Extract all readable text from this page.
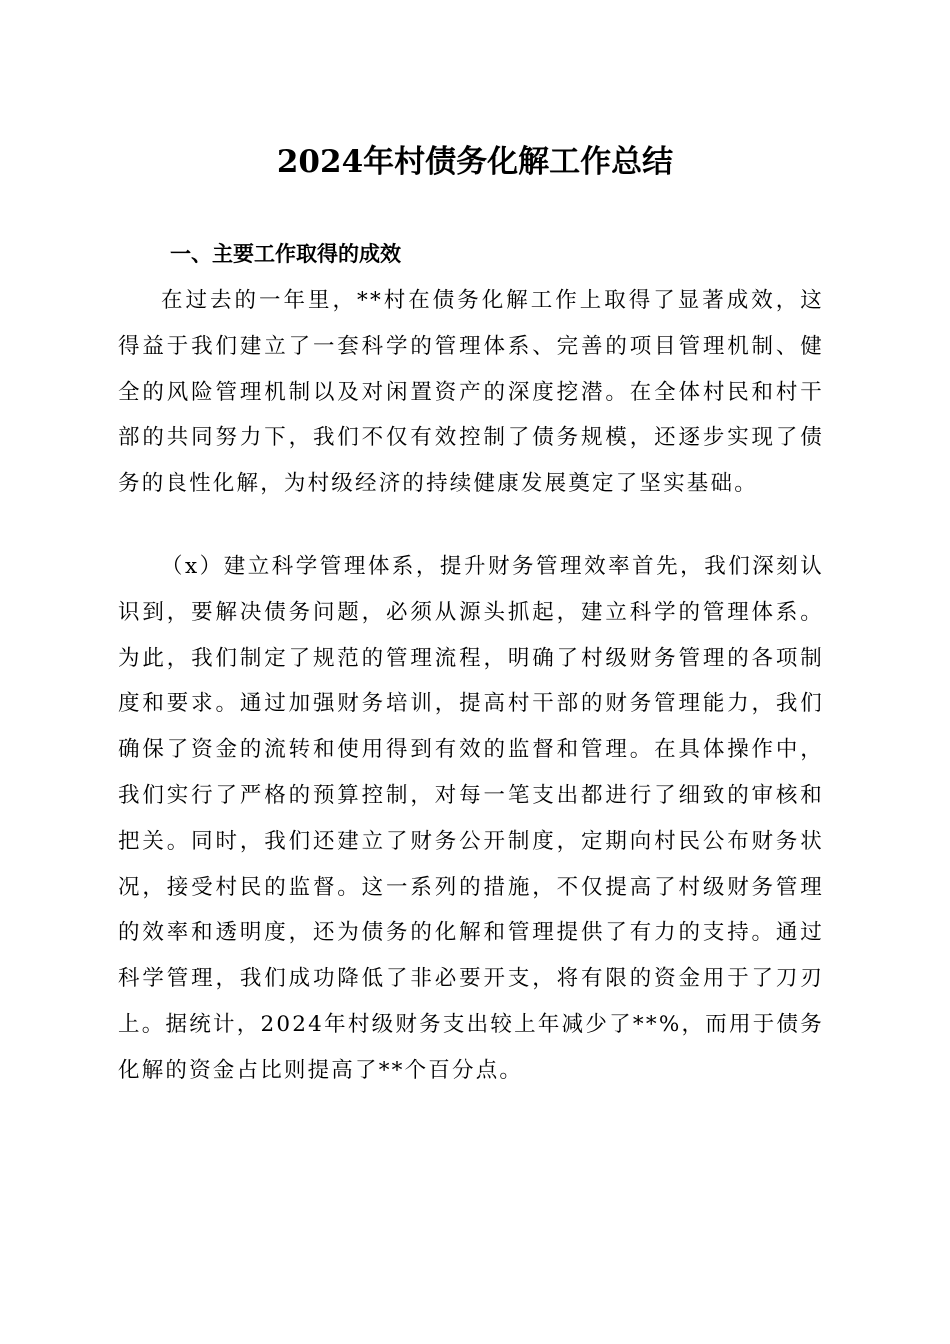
2024年村债务化解工作总结
一、主要工作取得的成效

在过去的一年里，**村在债务化解工作上取得了显著成效，这得益于我们建立了一套科学的管理体系、完善的项目管理机制、健全的风险管理机制以及对闲置资产的深度挖潜。在全体村民和村干部的共同努力下，我们不仅有效控制了债务规模，还逐步实现了债务的良性化解，为村级经济的持续健康发展奠定了坚实基础。

（x）建立科学管理体系，提升财务管理效率首先，我们深刻认识到，要解决债务问题，必须从源头抓起，建立科学的管理体系。为此，我们制定了规范的管理流程，明确了村级财务管理的各项制度和要求。通过加强财务培训，提高村干部的财务管理能力，我们确保了资金的流转和使用得到有效的监督和管理。在具体操作中，我们实行了严格的预算控制，对每一笔支出都进行了细致的审核和把关。同时，我们还建立了财务公开制度，定期向村民公布财务状况，接受村民的监督。这一系列的措施，不仅提高了村级财务管理的效率和透明度，还为债务的化解和管理提供了有力的支持。通过科学管理，我们成功降低了非必要开支，将有限的资金用于了刀刃上。据统计，2024年村级财务支出较上年减少了**%，而用于债务化解的资金占比则提高了**个百分点。
